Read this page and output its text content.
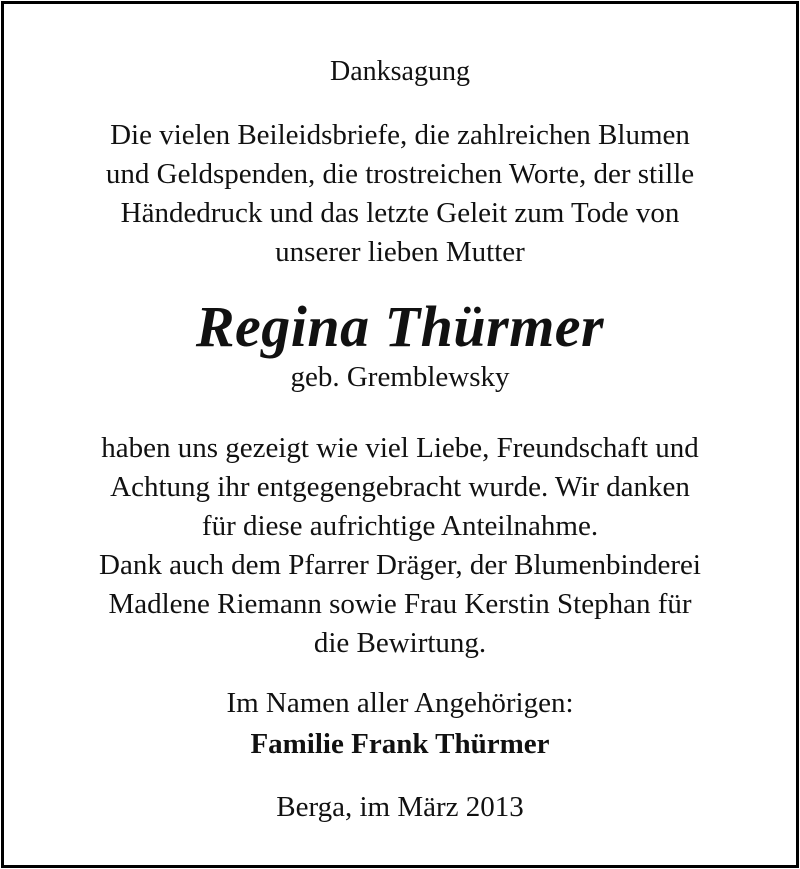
Danksagung
Die vielen Beileidsbriefe, die zahlreichen Blumen
und Geldspenden, die trostreichen Worte, der stille
Händedruck und das letzte Geleit zum Tode von
unserer lieben Mutter
Regina Thürmer
geb. Gremblewsky
haben uns gezeigt wie viel Liebe, Freundschaft und
Achtung ihr entgegengebracht wurde. Wir danken
für diese aufrichtige Anteilnahme.
Dank auch dem Pfarrer Dräger, der Blumenbinderei
Madlene Riemann sowie Frau Kerstin Stephan für
die Bewirtung.
Im Namen aller Angehörigen:
Familie Frank Thürmer
Berga, im März 2013
